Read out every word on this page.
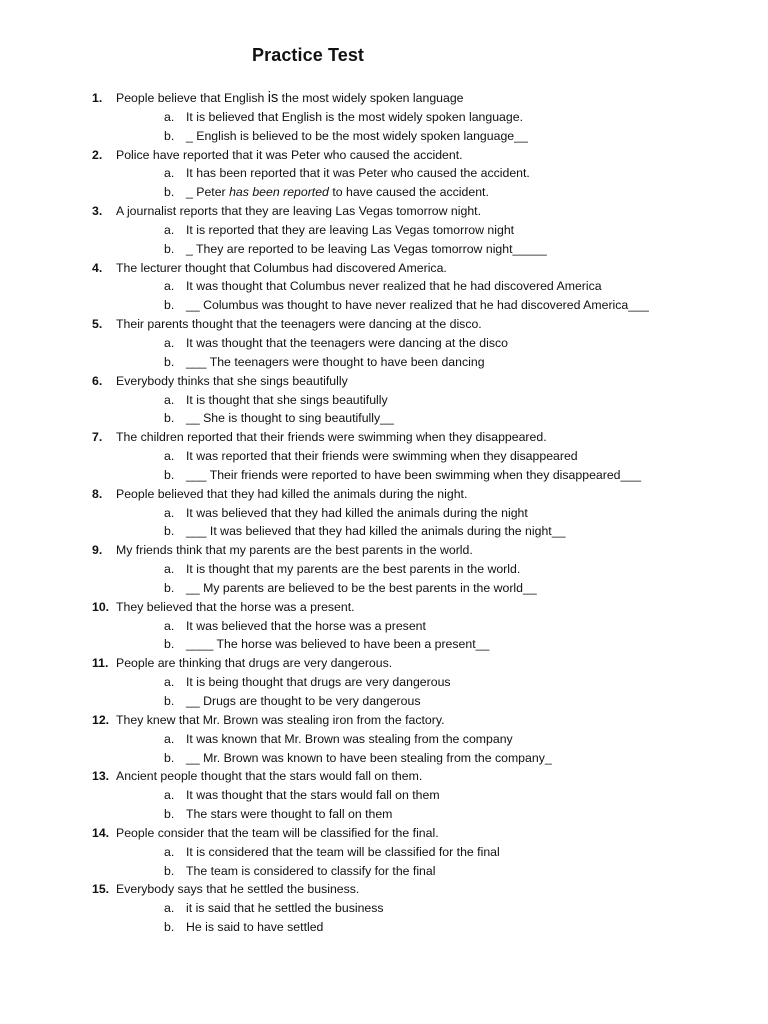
Practice Test
1.	People believe that English is the most widely spoken language
a. It is believed that English is the most widely spoken language.
b. _ English is believed to be the most widely spoken language__
2.	Police have reported that it was Peter who caused the accident.
a. It has been reported that it was Peter who caused the accident.
b. _ Peter has been reported to have caused the accident.
3.	A journalist reports that they are leaving Las Vegas tomorrow night.
a. It is reported that they are leaving Las Vegas tomorrow night
b. _ They are reported to be leaving Las Vegas tomorrow night_____
4.	The lecturer thought that Columbus had discovered America.
a. It was thought that Columbus never realized that he had discovered America
b. __ Columbus was thought to have never realized that he had discovered America___
5.	Their parents thought that the teenagers were dancing at the disco.
a. It was thought that the teenagers were dancing at the disco
b. ___ The teenagers were thought to have been dancing
6.	Everybody thinks that she sings beautifully
a. It is thought that she sings beautifully
b. __ She is thought to sing beautifully__
7.	The children reported that their friends were swimming when they disappeared.
a. It was reported that their friends were swimming when they disappeared
b. ___ Their friends were reported to have been swimming when they disappeared___
8.	People believed that they had killed the animals during the night.
a. It was believed that they had killed the animals during the night
b. ___ It was believed that they had killed the animals during the night__
9.	My friends think that my parents are the best parents in the world.
a. It is thought that my parents are the best parents in the world.
b. __ My parents are believed to be the best parents in the world__
10. They believed that the horse was a present.
a. It was believed that the horse was a present
b. ____ The horse was believed to have been a present__
11. People are thinking that drugs are very dangerous.
a. It is being thought that drugs are very dangerous
b. __ Drugs are thought to be very dangerous
12. They knew that Mr. Brown was stealing iron from the factory.
a. It was known that Mr. Brown was stealing from the company
b. __ Mr. Brown was known to have been stealing from the company_
13. Ancient people thought that the stars would fall on them.
a. It was thought that the stars would fall on them
b. The stars were thought to fall on them
14. People consider that the team will be classified for the final.
a. It is considered that the team will be classified for the final
b. The team is considered to classify for the final
15. Everybody says that he settled the business.
a. it is said that he settled the business
b. He is said to have settled
